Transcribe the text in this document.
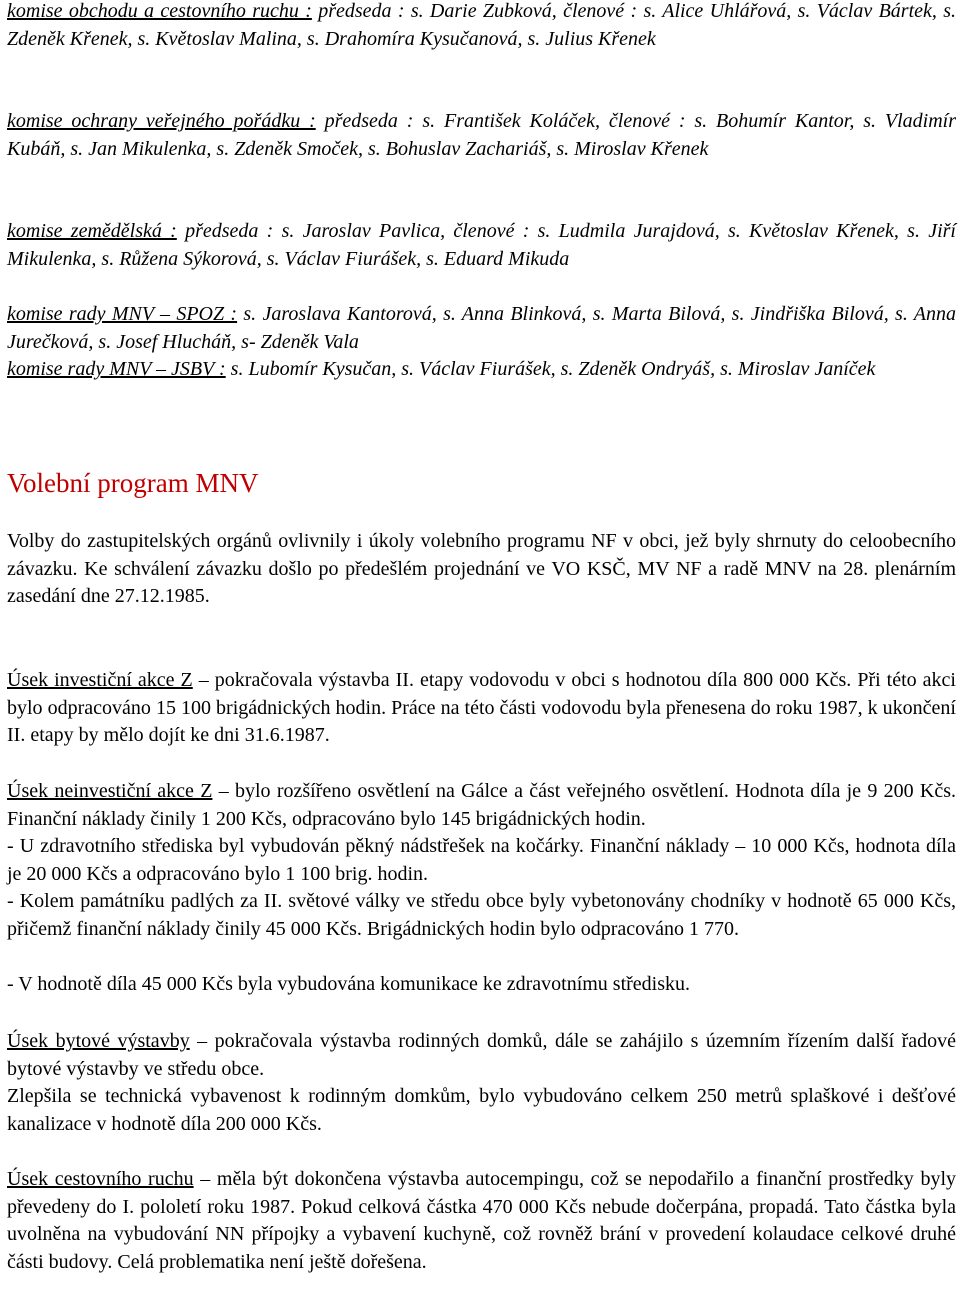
komise obchodu a cestovního ruchu : předseda : s. Darie Zubková, členové : s. Alice Uhlářová, s. Václav Bártek, s. Zdeněk Křenek, s. Květoslav Malina, s. Drahomíra Kysučanová, s. Julius Křenek

komise ochrany veřejného pořádku : předseda : s. František Koláček, členové : s. Bohumír Kantor, s. Vladimír Kubáň, s. Jan Mikulenka, s. Zdeněk Smoček, s. Bohuslav Zachariáš, s. Miroslav Křenek

komise zemědělská : předseda : s. Jaroslav Pavlica, členové : s. Ludmila Jurajdová, s. Květoslav Křenek, s. Jiří Mikulenka, s. Růžena Sýkorová, s. Václav Fiurášek, s. Eduard Mikuda

komise rady MNV – SPOZ : s. Jaroslava Kantorová, s. Anna Blinková, s. Marta Bilová, s. Jindřiška Bilová, s. Anna Jurečková, s. Josef Hlucháň, s- Zdeněk Vala

komise rady MNV – JSBV : s. Lubomír Kysučan, s. Václav Fiurášek, s. Zdeněk Ondryáš, s. Miroslav Janíček

Volební program MNV

Volby do zastupitelských orgánů ovlivnily i úkoly volebního programu NF v obci, jež byly shrnuty do celoobecního závazku. Ke schválení závazku došlo po předešlém projednání ve VO KSČ, MV NF a radě MNV na 28. plenárním zasedání dne 27.12.1985.

Úsek investiční akce Z – pokračovala výstavba II. etapy vodovodu v obci s hodnotou díla 800 000 Kčs. Při této akci bylo odpracováno 15 100 brigádnických hodin. Práce na této části vodovodu byla přenesena do roku 1987, k ukončení II. etapy by mělo dojít ke dni 31.6.1987.

Úsek neinvestiční akce Z – bylo rozšířeno osvětlení na Gálce a část veřejného osvětlení. Hodnota díla je 9 200 Kčs. Finanční náklady činily 1 200 Kčs, odpracováno bylo 145 brigádnických hodin.

- U zdravotního střediska byl vybudován pěkný nádstřešek na kočárky. Finanční náklady – 10 000 Kčs, hodnota díla je 20 000 Kčs a odpracováno bylo 1 100 brig. hodin.

- Kolem památníku padlých za II. světové války ve středu obce byly vybetonovány chodníky v hodnotě 65 000 Kčs, přičemž finanční náklady činily 45 000 Kčs. Brigádnických hodin bylo odpracováno 1 770.

- V hodnotě díla 45 000 Kčs byla vybudována komunikace ke zdravotnímu středisku.

Úsek bytové výstavby – pokračovala výstavba rodinných domků, dále se zahájilo s územním řízením další řadové bytové výstavby ve středu obce.

Zlepšila se technická vybavenost k rodinným domkům, bylo vybudováno celkem 250 metrů splaškové i dešťové kanalizace v hodnotě díla 200 000 Kčs.

Úsek cestovního ruchu – měla být dokončena výstavba autocempingu, což se nepodařilo a finanční prostředky byly převedeny do I. pololetí roku 1987. Pokud celková částka 470 000 Kčs nebude dočerpána, propadá. Tato částka byla uvolněna na vybudování NN přípojky a vybavení kuchyně, což rovněž brání v provedení kolaudace celkové druhé části budovy. Celá problematika není ještě dořešena.
